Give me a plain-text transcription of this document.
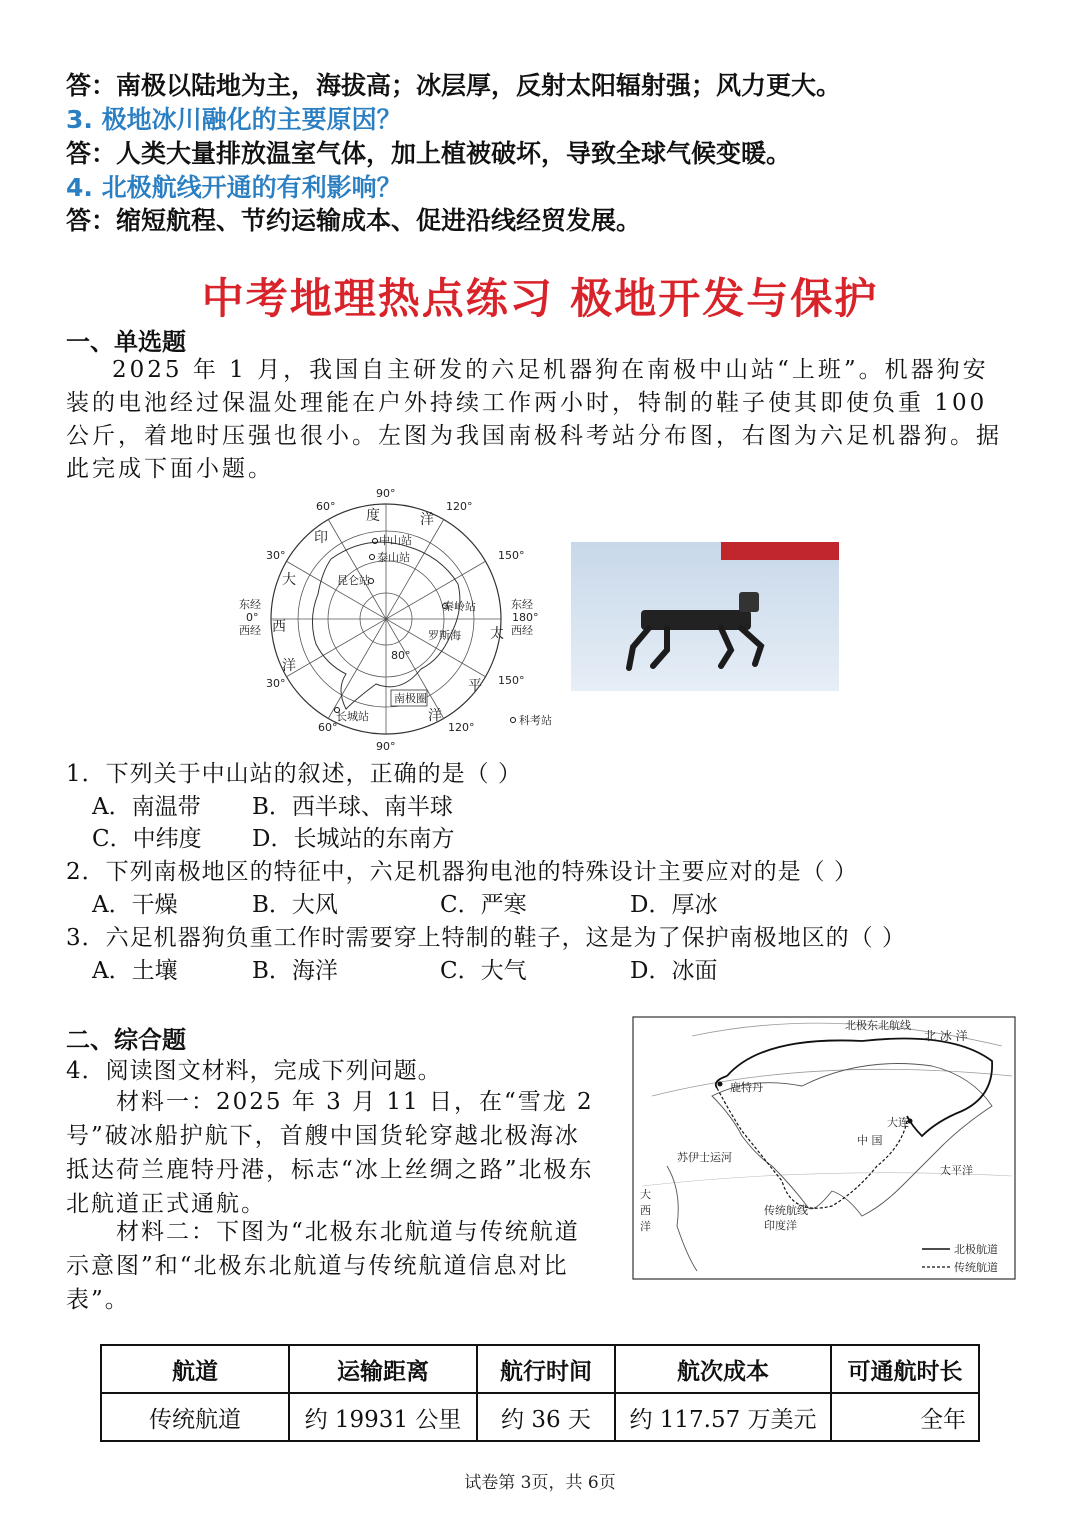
答：南极以陆地为主，海拔高；冰层厚，反射太阳辐射强；风力更大。
3. 极地冰川融化的主要原因？
答：人类大量排放温室气体，加上植被破坏，导致全球气候变暖。
4. 北极航线开通的有利影响？
答：缩短航程、节约运输成本、促进沿线经贸发展。
中考地理热点练习 极地开发与保护
一、单选题
2025 年 1 月，我国自主研发的六足机器狗在南极中山站“上班”。机器狗安装的电池经过保温处理能在户外持续工作两小时，特制的鞋子使其即使负重 100 公斤，着地时压强也很小。左图为我国南极科考站分布图，右图为六足机器狗。据此完成下面小题。
90°
90°
60°	120°
30°	150°
30°	150°
60°	120°
80°
东经
0°
西经
东经
180°
西经
印
度	洋
大
西
洋
太
平
洋
中山站
泰山站
昆仑站
秦岭站
罗斯海
长城站
南极圈
科考站
1．下列关于中山站的叙述，正确的是（ ）
A．南温带 B．西半球、南半球
C．中纬度 D．长城站的东南方
2．下列南极地区的特征中，六足机器狗电池的特殊设计主要应对的是（ ）
A．干燥	B．大风	C．严寒	D．厚冰
3．六足机器狗负重工作时需要穿上特制的鞋子，这是为了保护南极地区的（ ）
A．土壤	B．海洋	C．大气	D．冰面
二、综合题
4．阅读图文材料，完成下列问题。
材料一：2025 年 3 月 11 日，在“雪龙 2 号”破冰船护航下，首艘中国货轮穿越北极海冰抵达荷兰鹿特丹港，标志“冰上丝绸之路”北极东北航道正式通航。
材料二：下图为“北极东北航道与传统航道示意图”和“北极东北航道与传统航道信息对比表”。
北极东北航线
北 冰 洋
鹿特丹
大连
中 国
苏伊士运河
太平洋
大
西
洋
传统航线
印度洋
北极航道
传统航道
航道	运输距离	航行时间	航次成本	可通航时长
传统航道	约 19931 公里	约 36 天	约 117.57 万美元	全年
试卷第 3页，共 6页
